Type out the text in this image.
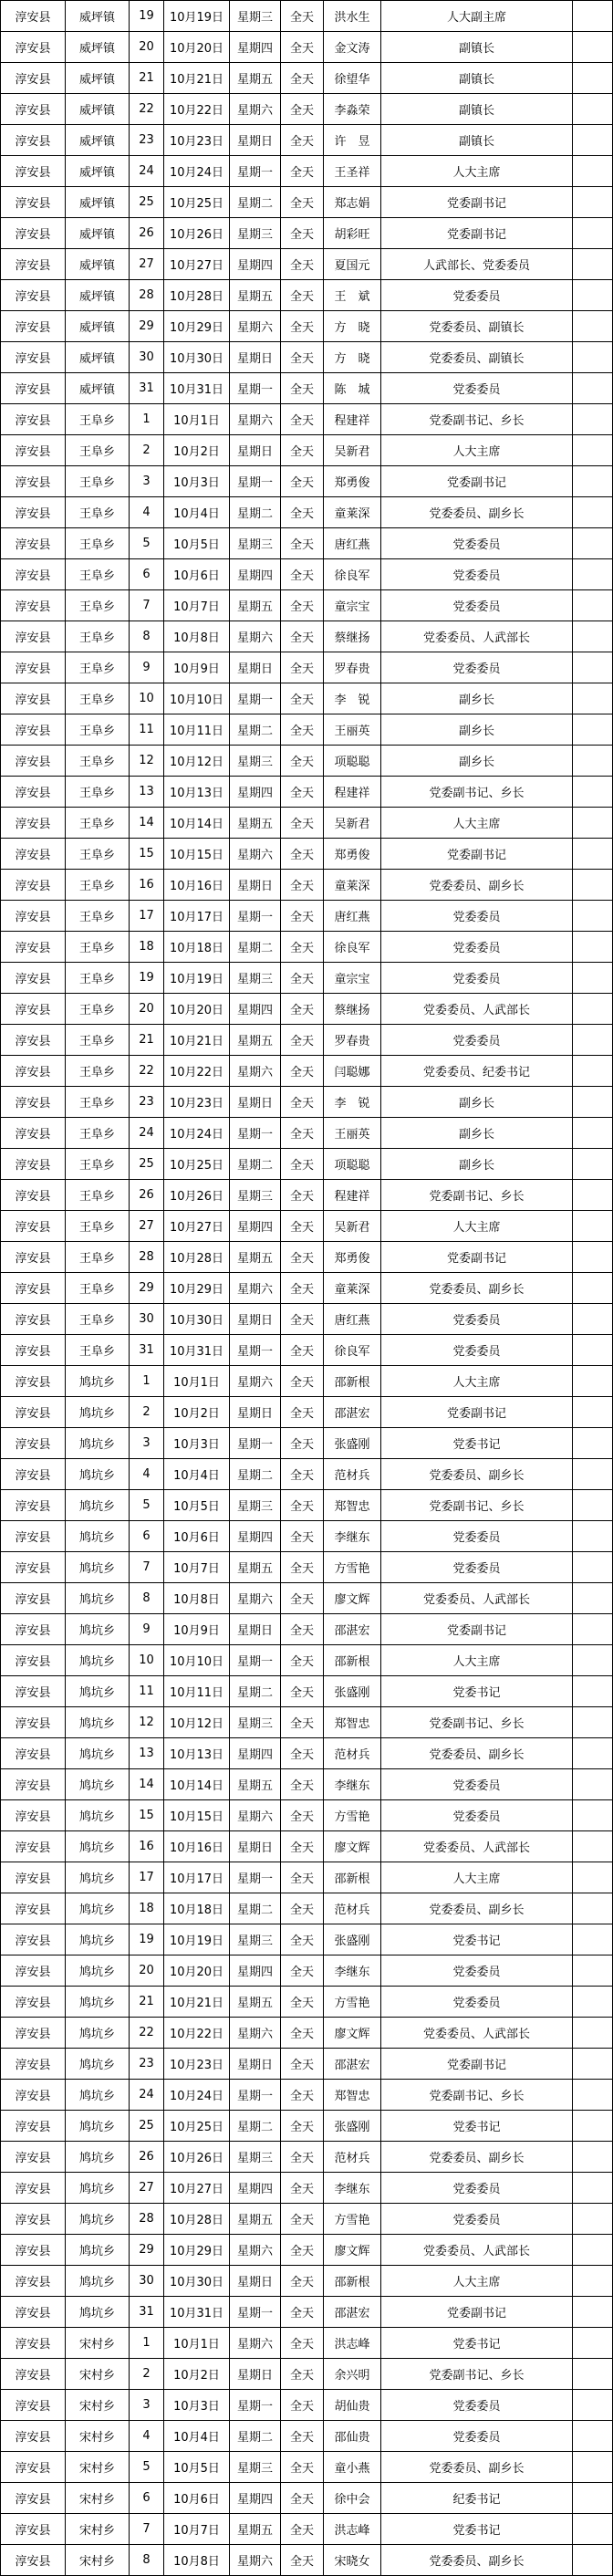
淳安县	威坪镇	19	10月19日	星期三	全天	洪水生	人大副主席	
淳安县	威坪镇	20	10月20日	星期四	全天	金文涛	副镇长	
淳安县	威坪镇	21	10月21日	星期五	全天	徐望华	副镇长	
淳安县	威坪镇	22	10月22日	星期六	全天	李淼荣	副镇长	
淳安县	威坪镇	23	10月23日	星期日	全天	许　昱	副镇长	
淳安县	威坪镇	24	10月24日	星期一	全天	王圣祥	人大主席	
淳安县	威坪镇	25	10月25日	星期二	全天	郑志娟	党委副书记	
淳安县	威坪镇	26	10月26日	星期三	全天	胡彩旺	党委副书记	
淳安县	威坪镇	27	10月27日	星期四	全天	夏国元	人武部长、党委委员	
淳安县	威坪镇	28	10月28日	星期五	全天	王　斌	党委委员	
淳安县	威坪镇	29	10月29日	星期六	全天	方　晓	党委委员、副镇长	
淳安县	威坪镇	30	10月30日	星期日	全天	方　晓	党委委员、副镇长	
淳安县	威坪镇	31	10月31日	星期一	全天	陈　城	党委委员	
淳安县	王阜乡	1	10月1日	星期六	全天	程建祥	党委副书记、乡长	
淳安县	王阜乡	2	10月2日	星期日	全天	吴新君	人大主席	
淳安县	王阜乡	3	10月3日	星期一	全天	郑勇俊	党委副书记	
淳安县	王阜乡	4	10月4日	星期二	全天	童莱深	党委委员、副乡长	
淳安县	王阜乡	5	10月5日	星期三	全天	唐红燕	党委委员	
淳安县	王阜乡	6	10月6日	星期四	全天	徐良军	党委委员	
淳安县	王阜乡	7	10月7日	星期五	全天	童宗宝	党委委员	
淳安县	王阜乡	8	10月8日	星期六	全天	蔡继扬	党委委员、人武部长	
淳安县	王阜乡	9	10月9日	星期日	全天	罗春贵	党委委员	
淳安县	王阜乡	10	10月10日	星期一	全天	李　锐	副乡长	
淳安县	王阜乡	11	10月11日	星期二	全天	王丽英	副乡长	
淳安县	王阜乡	12	10月12日	星期三	全天	项聪聪	副乡长	
淳安县	王阜乡	13	10月13日	星期四	全天	程建祥	党委副书记、乡长	
淳安县	王阜乡	14	10月14日	星期五	全天	吴新君	人大主席	
淳安县	王阜乡	15	10月15日	星期六	全天	郑勇俊	党委副书记	
淳安县	王阜乡	16	10月16日	星期日	全天	童莱深	党委委员、副乡长	
淳安县	王阜乡	17	10月17日	星期一	全天	唐红燕	党委委员	
淳安县	王阜乡	18	10月18日	星期二	全天	徐良军	党委委员	
淳安县	王阜乡	19	10月19日	星期三	全天	童宗宝	党委委员	
淳安县	王阜乡	20	10月20日	星期四	全天	蔡继扬	党委委员、人武部长	
淳安县	王阜乡	21	10月21日	星期五	全天	罗春贵	党委委员	
淳安县	王阜乡	22	10月22日	星期六	全天	闫聪娜	党委委员、纪委书记	
淳安县	王阜乡	23	10月23日	星期日	全天	李　锐	副乡长	
淳安县	王阜乡	24	10月24日	星期一	全天	王丽英	副乡长	
淳安县	王阜乡	25	10月25日	星期二	全天	项聪聪	副乡长	
淳安县	王阜乡	26	10月26日	星期三	全天	程建祥	党委副书记、乡长	
淳安县	王阜乡	27	10月27日	星期四	全天	吴新君	人大主席	
淳安县	王阜乡	28	10月28日	星期五	全天	郑勇俊	党委副书记	
淳安县	王阜乡	29	10月29日	星期六	全天	童莱深	党委委员、副乡长	
淳安县	王阜乡	30	10月30日	星期日	全天	唐红燕	党委委员	
淳安县	王阜乡	31	10月31日	星期一	全天	徐良军	党委委员	
淳安县	鸠坑乡	1	10月1日	星期六	全天	邵新根	人大主席	
淳安县	鸠坑乡	2	10月2日	星期日	全天	邵湛宏	党委副书记	
淳安县	鸠坑乡	3	10月3日	星期一	全天	张盛刚	党委书记	
淳安县	鸠坑乡	4	10月4日	星期二	全天	范材兵	党委委员、副乡长	
淳安县	鸠坑乡	5	10月5日	星期三	全天	郑智忠	党委副书记、乡长	
淳安县	鸠坑乡	6	10月6日	星期四	全天	李继东	党委委员	
淳安县	鸠坑乡	7	10月7日	星期五	全天	方雪艳	党委委员	
淳安县	鸠坑乡	8	10月8日	星期六	全天	廖文辉	党委委员、人武部长	
淳安县	鸠坑乡	9	10月9日	星期日	全天	邵湛宏	党委副书记	
淳安县	鸠坑乡	10	10月10日	星期一	全天	邵新根	人大主席	
淳安县	鸠坑乡	11	10月11日	星期二	全天	张盛刚	党委书记	
淳安县	鸠坑乡	12	10月12日	星期三	全天	郑智忠	党委副书记、乡长	
淳安县	鸠坑乡	13	10月13日	星期四	全天	范材兵	党委委员、副乡长	
淳安县	鸠坑乡	14	10月14日	星期五	全天	李继东	党委委员	
淳安县	鸠坑乡	15	10月15日	星期六	全天	方雪艳	党委委员	
淳安县	鸠坑乡	16	10月16日	星期日	全天	廖文辉	党委委员、人武部长	
淳安县	鸠坑乡	17	10月17日	星期一	全天	邵新根	人大主席	
淳安县	鸠坑乡	18	10月18日	星期二	全天	范材兵	党委委员、副乡长	
淳安县	鸠坑乡	19	10月19日	星期三	全天	张盛刚	党委书记	
淳安县	鸠坑乡	20	10月20日	星期四	全天	李继东	党委委员	
淳安县	鸠坑乡	21	10月21日	星期五	全天	方雪艳	党委委员	
淳安县	鸠坑乡	22	10月22日	星期六	全天	廖文辉	党委委员、人武部长	
淳安县	鸠坑乡	23	10月23日	星期日	全天	邵湛宏	党委副书记	
淳安县	鸠坑乡	24	10月24日	星期一	全天	郑智忠	党委副书记、乡长	
淳安县	鸠坑乡	25	10月25日	星期二	全天	张盛刚	党委书记	
淳安县	鸠坑乡	26	10月26日	星期三	全天	范材兵	党委委员、副乡长	
淳安县	鸠坑乡	27	10月27日	星期四	全天	李继东	党委委员	
淳安县	鸠坑乡	28	10月28日	星期五	全天	方雪艳	党委委员	
淳安县	鸠坑乡	29	10月29日	星期六	全天	廖文辉	党委委员、人武部长	
淳安县	鸠坑乡	30	10月30日	星期日	全天	邵新根	人大主席	
淳安县	鸠坑乡	31	10月31日	星期一	全天	邵湛宏	党委副书记	
淳安县	宋村乡	1	10月1日	星期六	全天	洪志峰	党委书记	
淳安县	宋村乡	2	10月2日	星期日	全天	余兴明	党委副书记、乡长	
淳安县	宋村乡	3	10月3日	星期一	全天	胡仙贵	党委委员	
淳安县	宋村乡	4	10月4日	星期二	全天	邵仙贵	党委委员	
淳安县	宋村乡	5	10月5日	星期三	全天	童小燕	党委委员、副乡长	
淳安县	宋村乡	6	10月6日	星期四	全天	徐中会	纪委书记	
淳安县	宋村乡	7	10月7日	星期五	全天	洪志峰	党委书记	
淳安县	宋村乡	8	10月8日	星期六	全天	宋晓女	党委委员、副乡长	
